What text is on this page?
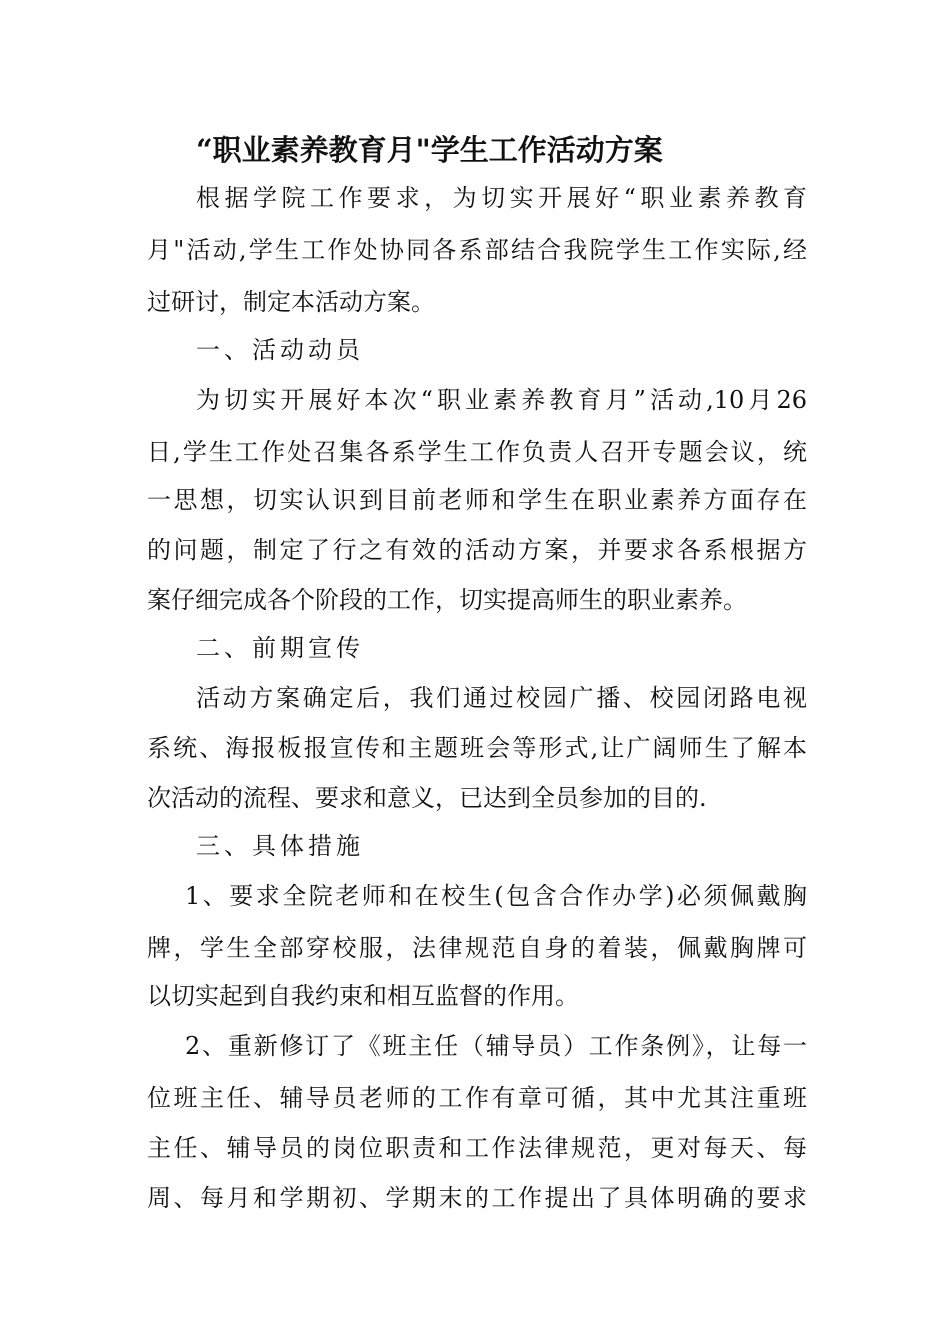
“职业素养教育月"学生工作活动方案
根据学院工作要求，为切实开展好“职业素养教育
月"活动,学生工作处协同各系部结合我院学生工作实际,经
过研讨，制定本活动方案。
一、活动动员
为切实开展好本次“职业素养教育月”活动,10月26
日,学生工作处召集各系学生工作负责人召开专题会议，统
一思想，切实认识到目前老师和学生在职业素养方面存在
的问题，制定了行之有效的活动方案，并要求各系根据方
案仔细完成各个阶段的工作，切实提高师生的职业素养。
二、前期宣传
活动方案确定后，我们通过校园广播、校园闭路电视
系统、海报板报宣传和主题班会等形式,让广阔师生了解本
次活动的流程、要求和意义，已达到全员参加的目的.
三、具体措施
1、要求全院老师和在校生(包含合作办学)必须佩戴胸
牌，学生全部穿校服，法律规范自身的着装，佩戴胸牌可
以切实起到自我约束和相互监督的作用。
2、重新修订了《班主任（辅导员）工作条例》，让每一
位班主任、辅导员老师的工作有章可循，其中尤其注重班
主任、辅导员的岗位职责和工作法律规范，更对每天、每
周、每月和学期初、学期末的工作提出了具体明确的要求
